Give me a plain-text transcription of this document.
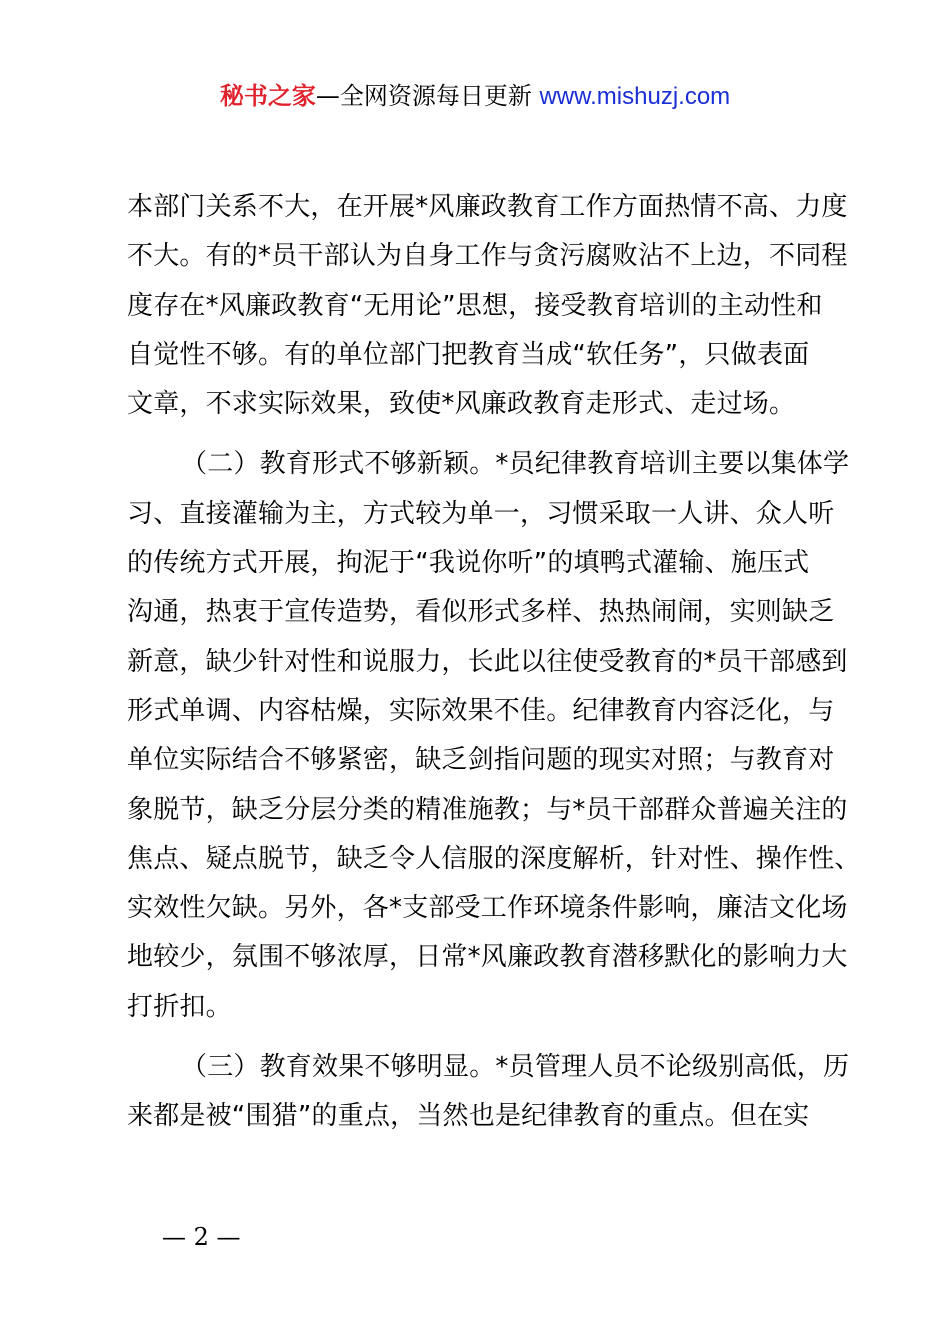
秘书之家—全网资源每日更新 www.mishuzj.com
本部门关系不大，在开展*风廉政教育工作方面热情不高、力度
不大。有的*员干部认为自身工作与贪污腐败沾不上边，不同程
度存在*风廉政教育“无用论”思想，接受教育培训的主动性和
自觉性不够。有的单位部门把教育当成“软任务”，只做表面
文章，不求实际效果，致使*风廉政教育走形式、走过场。
（二）教育形式不够新颖。*员纪律教育培训主要以集体学
习、直接灌输为主，方式较为单一，习惯采取一人讲、众人听
的传统方式开展，拘泥于“我说你听”的填鸭式灌输、施压式
沟通，热衷于宣传造势，看似形式多样、热热闹闹，实则缺乏
新意，缺少针对性和说服力，长此以往使受教育的*员干部感到
形式单调、内容枯燥，实际效果不佳。纪律教育内容泛化，与
单位实际结合不够紧密，缺乏剑指问题的现实对照；与教育对
象脱节，缺乏分层分类的精准施教；与*员干部群众普遍关注的
焦点、疑点脱节，缺乏令人信服的深度解析，针对性、操作性、
实效性欠缺。另外，各*支部受工作环境条件影响，廉洁文化场
地较少，氛围不够浓厚，日常*风廉政教育潜移默化的影响力大
打折扣。
（三）教育效果不够明显。*员管理人员不论级别高低，历
来都是被“围猎”的重点，当然也是纪律教育的重点。但在实
— 2 —
